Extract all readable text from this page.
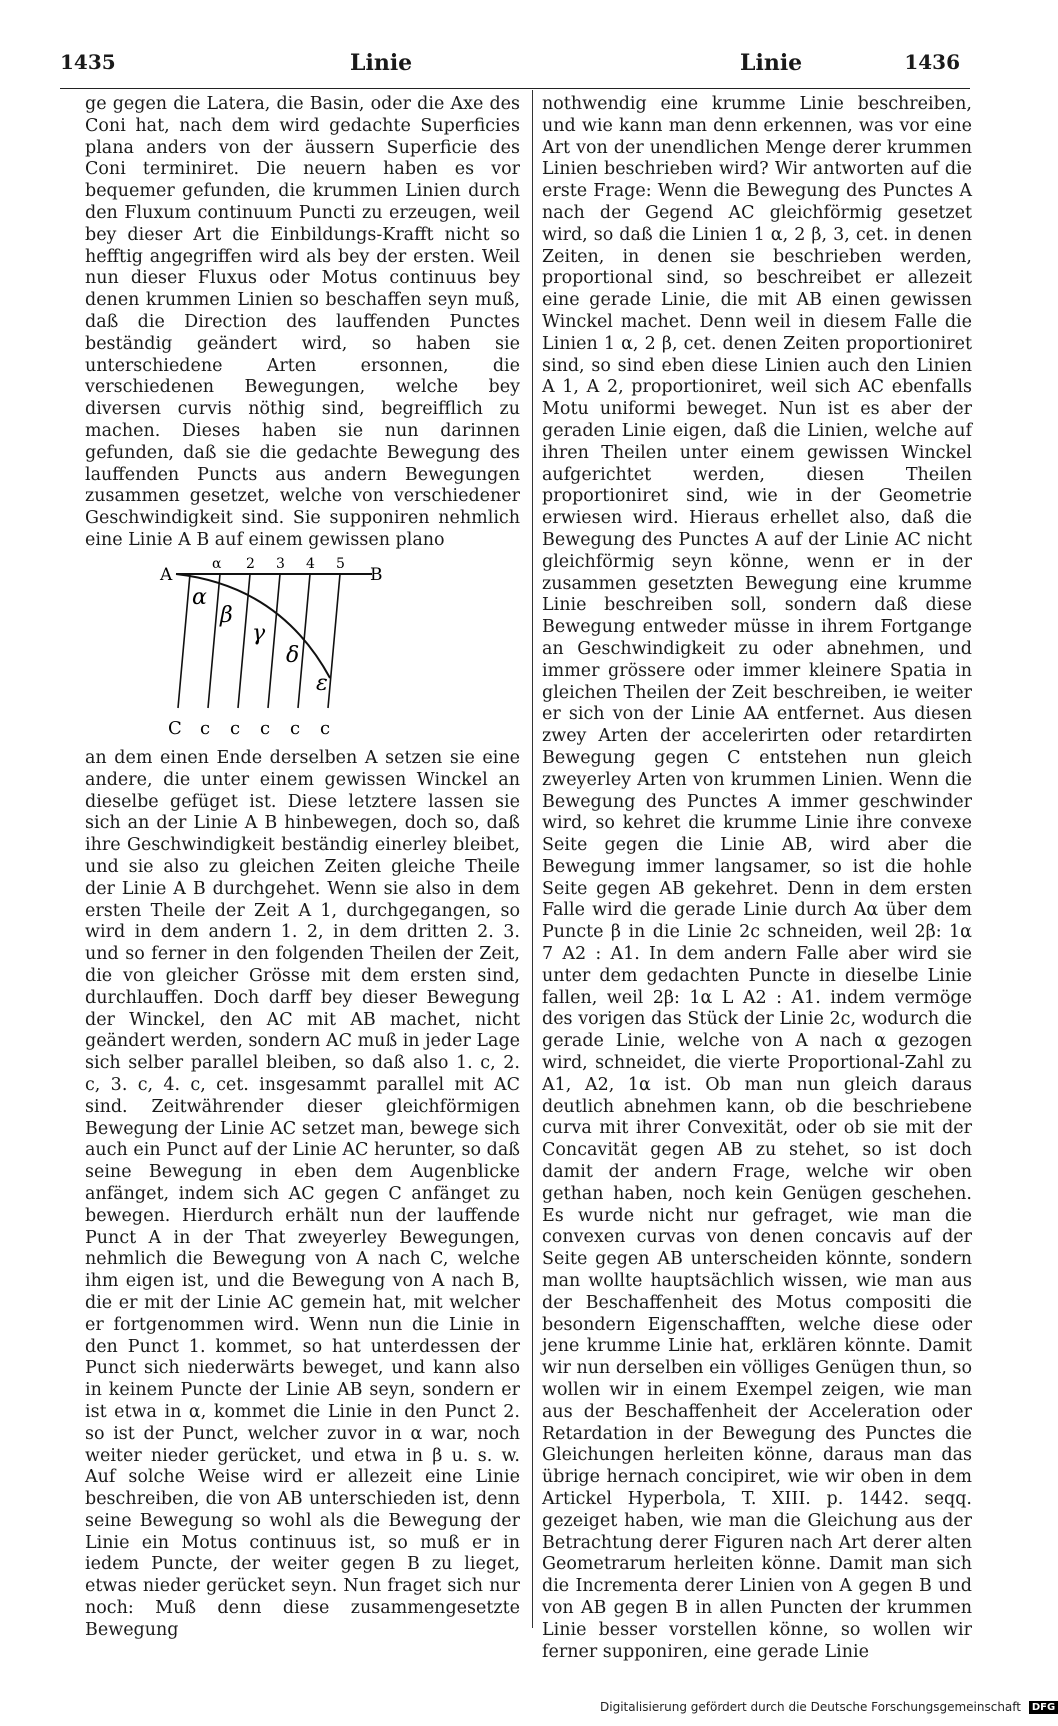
1435	Linie	Linie	1436

ge gegen die Latera, die Basin, oder die Axe des Coni hat, nach dem wird gedachte Superficies plana anders von der äussern Superficie des Coni terminiret. Die neuern haben es vor bequemer gefunden, die krummen Linien durch den Fluxum continuum Puncti zu erzeugen, weil bey dieser Art die Einbildungs-Krafft nicht so hefftig angegriffen wird als bey der ersten. Weil nun dieser Fluxus oder Motus continuus bey denen krummen Linien so beschaffen seyn muß, daß die Direction des lauffenden Punctes beständig geändert wird, so haben sie unterschiedene Arten ersonnen, die verschiedenen Bewegungen, welche bey diversen curvis nöthig sind, begreifflich zu machen. Dieses haben sie nun darinnen gefunden, daß sie die gedachte Bewegung des lauffenden Puncts aus andern Bewegungen zusammen gesetzet, welche von verschiedener Geschwindigkeit sind. Sie supponiren nehmlich eine Linie A B auf einem gewissen plano

A	B
α 2 3 4 5
α
β
γ
δ
ε
C c c c c c

an dem einen Ende derselben A setzen sie eine andere, die unter einem gewissen Winckel an dieselbe gefüget ist. Diese letztere lassen sie sich an der Linie A B hinbewegen, doch so, daß ihre Geschwindigkeit beständig einerley bleibet, und sie also zu gleichen Zeiten gleiche Theile der Linie A B durchgehet. Wenn sie also in dem ersten Theile der Zeit A 1, durchgegangen, so wird in dem andern 1. 2, in dem dritten 2. 3. und so ferner in den folgenden Theilen der Zeit, die von gleicher Grösse mit dem ersten sind, durchlauffen. Doch darff bey dieser Bewegung der Winckel, den AC mit AB machet, nicht geändert werden, sondern AC muß in jeder Lage sich selber parallel bleiben, so daß also 1. c, 2. c, 3. c, 4. c, cet. insgesammt parallel mit AC sind. Zeitwährender dieser gleichförmigen Bewegung der Linie AC setzet man, bewege sich auch ein Punct auf der Linie AC herunter, so daß seine Bewegung in eben dem Augenblicke anfänget, indem sich AC gegen C anfänget zu bewegen. Hierdurch erhält nun der lauffende Punct A in der That zweyerley Bewegungen, nehmlich die Bewegung von A nach C, welche ihm eigen ist, und die Bewegung von A nach B, die er mit der Linie AC gemein hat, mit welcher er fortgenommen wird. Wenn nun die Linie in den Punct 1. kommet, so hat unterdessen der Punct sich niederwärts beweget, und kann also in keinem Puncte der Linie AB seyn, sondern er ist etwa in α, kommet die Linie in den Punct 2. so ist der Punct, welcher zuvor in α war, noch weiter nieder gerücket, und etwa in β u. s. w. Auf solche Weise wird er allezeit eine Linie beschreiben, die von AB unterschieden ist, denn seine Bewegung so wohl als die Bewegung der Linie ein Motus continuus ist, so muß er in iedem Puncte, der weiter gegen B zu lieget, etwas nieder gerücket seyn. Nun fraget sich nur noch: Muß denn diese zusammengesetzte Bewegung

nothwendig eine krumme Linie beschreiben, und wie kann man denn erkennen, was vor eine Art von der unendlichen Menge derer krummen Linien beschrieben wird? Wir antworten auf die erste Frage: Wenn die Bewegung des Punctes A nach der Gegend AC gleichförmig gesetzet wird, so daß die Linien 1 α, 2 β, 3, cet. in denen Zeiten, in denen sie beschrieben werden, proportional sind, so beschreibet er allezeit eine gerade Linie, die mit AB einen gewissen Winckel machet. Denn weil in diesem Falle die Linien 1 α, 2 β, cet. denen Zeiten proportioniret sind, so sind eben diese Linien auch den Linien A 1, A 2, proportioniret, weil sich AC ebenfalls Motu uniformi beweget. Nun ist es aber der geraden Linie eigen, daß die Linien, welche auf ihren Theilen unter einem gewissen Winckel aufgerichtet werden, diesen Theilen proportioniret sind, wie in der Geometrie erwiesen wird. Hieraus erhellet also, daß die Bewegung des Punctes A auf der Linie AC nicht gleichförmig seyn könne, wenn er in der zusammen gesetzten Bewegung eine krumme Linie beschreiben soll, sondern daß diese Bewegung entweder müsse in ihrem Fortgange an Geschwindigkeit zu oder abnehmen, und immer grössere oder immer kleinere Spatia in gleichen Theilen der Zeit beschreiben, ie weiter er sich von der Linie AA entfernet. Aus diesen zwey Arten der accelerirten oder retardirten Bewegung gegen C entstehen nun gleich zweyerley Arten von krummen Linien. Wenn die Bewegung des Punctes A immer geschwinder wird, so kehret die krumme Linie ihre convexe Seite gegen die Linie AB, wird aber die Bewegung immer langsamer, so ist die hohle Seite gegen AB gekehret. Denn in dem ersten Falle wird die gerade Linie durch Aα über dem Puncte β in die Linie 2c schneiden, weil 2β: 1α 7 A2 : A1. In dem andern Falle aber wird sie unter dem gedachten Puncte in dieselbe Linie fallen, weil 2β: 1α L A2 : A1. indem vermöge des vorigen das Stück der Linie 2c, wodurch die gerade Linie, welche von A nach α gezogen wird, schneidet, die vierte Proportional-Zahl zu A1, A2, 1α ist. Ob man nun gleich daraus deutlich abnehmen kann, ob die beschriebene curva mit ihrer Convexität, oder ob sie mit der Concavität gegen AB zu stehet, so ist doch damit der andern Frage, welche wir oben gethan haben, noch kein Genügen geschehen. Es wurde nicht nur gefraget, wie man die convexen curvas von denen concavis auf der Seite gegen AB unterscheiden könnte, sondern man wollte hauptsächlich wissen, wie man aus der Beschaffenheit des Motus compositi die besondern Eigenschafften, welche diese oder jene krumme Linie hat, erklären könnte. Damit wir nun derselben ein völliges Genügen thun, so wollen wir in einem Exempel zeigen, wie man aus der Beschaffenheit der Acceleration oder Retardation in der Bewegung des Punctes die Gleichungen herleiten könne, daraus man das übrige hernach concipiret, wie wir oben in dem Artickel Hyperbola, T. XIII. p. 1442. seqq. gezeiget haben, wie man die Gleichung aus der Betrachtung derer Figuren nach Art derer alten Geometrarum herleiten könne. Damit man sich die Incrementa derer Linien von A gegen B und von AB gegen B in allen Puncten der krummen Linie besser vorstellen könne, so wollen wir ferner supponiren, eine gerade Linie

Digitalisierung gefördert durch die Deutsche Forschungsgemeinschaft DFG
